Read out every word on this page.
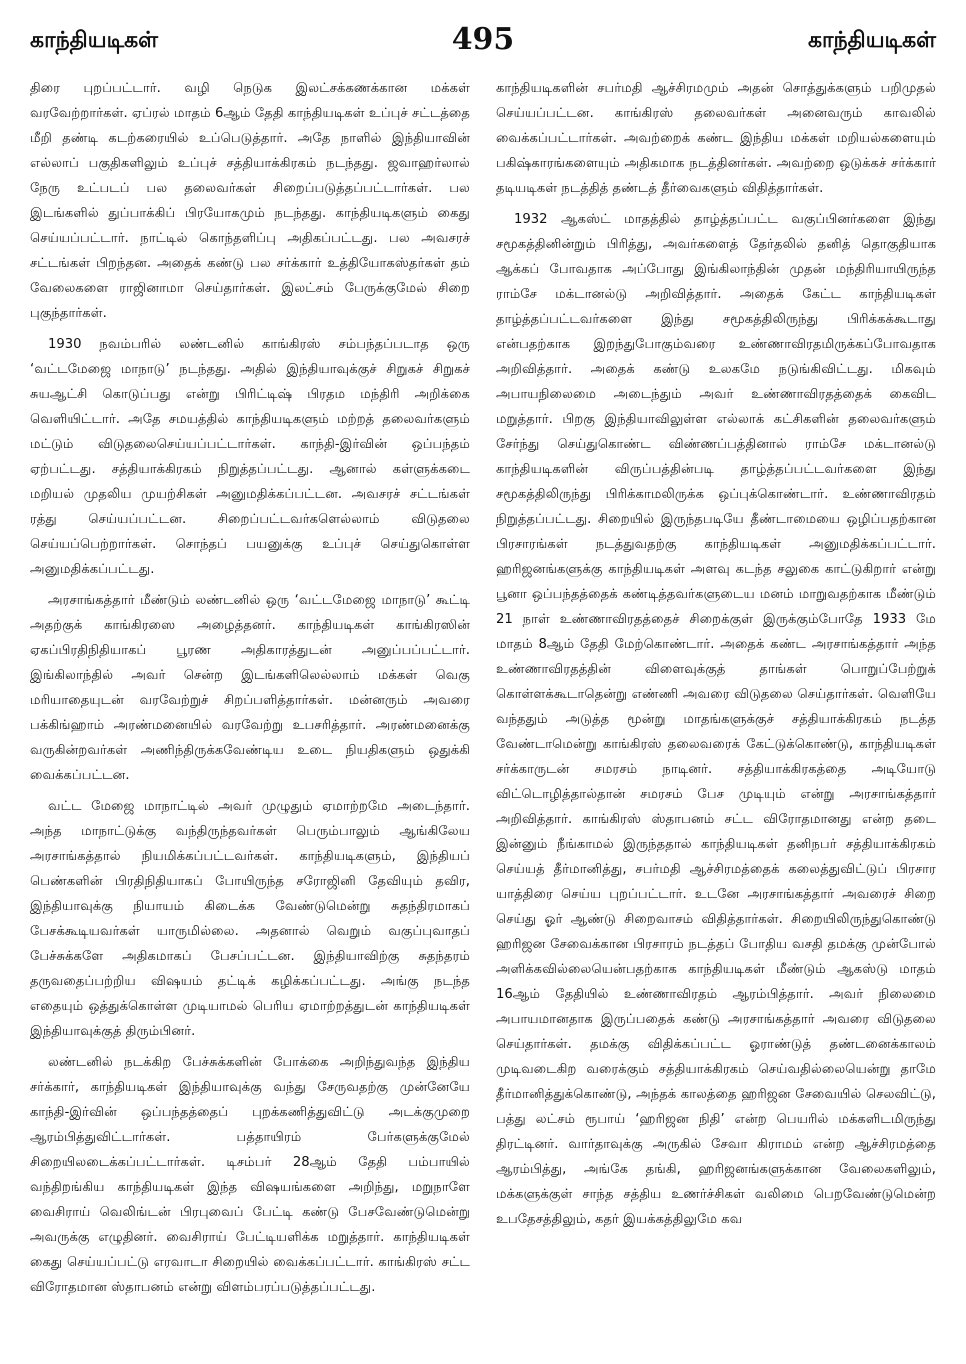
காந்தியடிகள்	495	காந்தியடிகள்

திரை புறப்பட்டார். வழி நெடுக இலட்சக்கணக்கான மக்கள் வரவேற்றார்கள். ஏப்ரல் மாதம் 6ஆம் தேதி காந்தியடிகள் உப்புச் சட்டத்தை மீறி தண்டி கடற்கரையில் உப்பெடுத்தார். அதே நாளில் இந்தியாவின் எல்லாப் பகுதிகளிலும் உப்புச் சத்தியாக்கிரகம் நடந்தது. ஜவாஹர்லால் நேரு உட்படப் பல தலைவர்கள் சிறைப்படுத்தப்பட்டார்கள். பல இடங்களில் துப்பாக்கிப் பிரயோகமும் நடந்தது. காந்தியடிகளும் கைது செய்யப்பட்டார். நாட்டில் கொந்தளிப்பு அதிகப்பட்டது. பல அவசரச் சட்டங்கள் பிறந்தன. அதைக் கண்டு பல சர்க்கார் உத்தியோகஸ்தர்கள் தம் வேலைகளை ராஜினாமா செய்தார்கள். இலட்சம் பேருக்குமேல் சிறை புகுந்தார்கள்.

1930 நவம்பரில் லண்டனில் காங்கிரஸ் சம்பந்தப்படாத ஒரு ‘வட்டமேஜை மாநாடு’ நடந்தது. அதில் இந்தியாவுக்குச் சிறுகச் சிறுகச் சுயஆட்சி கொடுப்பது என்று பிரிட்டிஷ் பிரதம மந்திரி அறிக்கை வெளியிட்டார். அதே சமயத்தில் காந்தியடிகளும் மற்றத் தலைவர்களும் மட்டும் விடுதலைசெய்யப்பட்டார்கள். காந்தி-இர்வின் ஒப்பந்தம் ஏற்பட்டது. சத்தியாக்கிரகம் நிறுத்தப்பட்டது. ஆனால் கள்ளுக்கடை மறியல் முதலிய முயற்சிகள் அனுமதிக்கப்பட்டன. அவசரச் சட்டங்கள் ரத்து செய்யப்பட்டன. சிறைப்பட்டவர்களெல்லாம் விடுதலை செய்யப்பெற்றார்கள். சொந்தப் பயனுக்கு உப்புச் செய்துகொள்ள அனுமதிக்கப்பட்டது.

அரசாங்கத்தார் மீண்டும் லண்டனில் ஒரு ‘வட்டமேஜை மாநாடு’ கூட்டி அதற்குக் காங்கிரஸை அழைத்தனர். காந்தியடிகள் காங்கிரஸின் ஏகப்பிரதிநிதியாகப் பூரண அதிகாரத்துடன் அனுப்பப்பட்டார். இங்கிலாந்தில் அவர் சென்ற இடங்களிலெல்லாம் மக்கள் வெகு மரியாதையுடன் வரவேற்றுச் சிறப்பளித்தார்கள். மன்னரும் அவரை பக்கிங்ஹாம் அரண்மனையில் வரவேற்று உபசரித்தார். அரண்மனைக்கு வருகின்றவர்கள் அணிந்திருக்கவேண்டிய உடை நியதிகளும் ஒதுக்கி வைக்கப்பட்டன.

வட்ட மேஜை மாநாட்டில் அவர் முழுதும் ஏமாற்றமே அடைந்தார். அந்த மாநாட்டுக்கு வந்திருந்தவர்கள் பெரும்பாலும் ஆங்கிலேய அரசாங்கத்தால் நியமிக்கப்பட்டவர்கள். காந்தியடிகளும், இந்தியப் பெண்களின் பிரதிநிதியாகப் போயிருந்த சரோஜினி தேவியும் தவிர, இந்தியாவுக்கு நியாயம் கிடைக்க வேண்டுமென்று சுதந்திரமாகப் பேசக்கூடியவர்கள் யாருமில்லை. அதனால் வெறும் வகுப்புவாதப் பேச்சுக்களே அதிகமாகப் பேசப்பட்டன. இந்தியாவிற்கு சுதந்தரம் தருவதைப்பற்றிய விஷயம் தட்டிக் கழிக்கப்பட்டது. அங்கு நடந்த எதையும் ஒத்துக்கொள்ள முடியாமல் பெரிய ஏமாற்றத்துடன் காந்தியடிகள் இந்தியாவுக்குத் திரும்பினர்.

லண்டனில் நடக்கிற பேச்சுக்களின் போக்கை அறிந்துவந்த இந்திய சர்க்கார், காந்தியடிகள் இந்தியாவுக்கு வந்து சேருவதற்கு முன்னேயே காந்தி-இர்வின் ஒப்பந்தத்தைப் புறக்கணித்துவிட்டு அடக்குமுறை ஆரம்பித்துவிட்டார்கள். பத்தாயிரம் பேர்களுக்குமேல் சிறையிலடைக்கப்பட்டார்கள். டிசம்பர் 28ஆம் தேதி பம்பாயில் வந்திறங்கிய காந்தியடிகள் இந்த விஷயங்களை அறிந்து, மறுநாளே வைசிராய் வெலிங்டன் பிரபுவைப் பேட்டி கண்டு பேசவேண்டுமென்று அவருக்கு எழுதினர். வைசிராய் பேட்டியளிக்க மறுத்தார். காந்தியடிகள் கைது செய்யப்பட்டு எரவாடா சிறையில் வைக்கப்பட்டார். காங்கிரஸ் சட்ட விரோதமான ஸ்தாபனம் என்று விளம்பரப்படுத்தப்பட்டது.

காந்தியடிகளின் சபர்மதி ஆச்சிரமமும் அதன் சொத்துக்களும் பறிமுதல் செய்யப்பட்டன. காங்கிரஸ் தலைவர்கள் அனைவரும் காவலில் வைக்கப்பட்டார்கள். அவற்றைக் கண்ட இந்திய மக்கள் மறியல்களையும் பகிஷ்காரங்களையும் அதிகமாக நடத்தினர்கள். அவற்றை ஒடுக்கச் சர்க்கார் தடியடிகள் நடத்தித் தண்டத் தீர்வைகளும் விதித்தார்கள்.

1932 ஆகஸ்ட் மாதத்தில் தாழ்த்தப்பட்ட வகுப்பினர்களை இந்து சமூகத்தினின்றும் பிரித்து, அவர்களைத் தேர்தலில் தனித் தொகுதியாக ஆக்கப் போவதாக அப்போது இங்கிலாந்தின் முதன் மந்திரியாயிருந்த ராம்சே மக்டானல்டு அறிவித்தார். அதைக் கேட்ட காந்தியடிகள் தாழ்த்தப்பட்டவர்களை இந்து சமூகத்திலிருந்து பிரிக்கக்கூடாது என்பதற்காக இறந்துபோகும்வரை உண்ணாவிரதமிருக்கப்போவதாக அறிவித்தார். அதைக் கண்டு உலகமே நடுங்கிவிட்டது. மிகவும் அபாயநிலைமை அடைந்தும் அவர் உண்ணாவிரதத்தைக் கைவிட மறுத்தார். பிறகு இந்தியாவிலுள்ள எல்லாக் கட்சிகளின் தலைவர்களும் சேர்ந்து செய்துகொண்ட விண்ணப்பத்தினால் ராம்சே மக்டானல்டு காந்தியடிகளின் விருப்பத்தின்படி தாழ்த்தப்பட்டவர்களை இந்து சமூகத்திலிருந்து பிரிக்காமலிருக்க ஒப்புக்கொண்டார். உண்ணாவிரதம் நிறுத்தப்பட்டது. சிறையில் இருந்தபடியே தீண்டாமையை ஒழிப்பதற்கான பிரசாரங்கள் நடத்துவதற்கு காந்தியடிகள் அனுமதிக்கப்பட்டார். ஹரிஜனங்களுக்கு காந்தியடிகள் அளவு கடந்த சலுகை காட்டுகிறார் என்று பூனா ஒப்பந்தத்தைக் கண்டித்தவர்களுடைய மனம் மாறுவதற்காக மீண்டும் 21 நாள் உண்ணாவிரதத்தைச் சிறைக்குள் இருக்கும்போதே 1933 மே மாதம் 8ஆம் தேதி மேற்கொண்டார். அதைக் கண்ட அரசாங்கத்தார் அந்த உண்ணாவிரதத்தின் விளைவுக்குத் தாங்கள் பொறுப்பேற்றுக் கொள்ளக்கூடாதென்று எண்ணி அவரை விடுதலை செய்தார்கள். வெளியே வந்ததும் அடுத்த மூன்று மாதங்களுக்குச் சத்தியாக்கிரகம் நடத்த வேண்டாமென்று காங்கிரஸ் தலைவரைக் கேட்டுக்கொண்டு, காந்தியடிகள் சர்க்காருடன் சமரசம் நாடினர். சத்தியாக்கிரகத்தை அடியோடு விட்டொழித்தால்தான் சமரசம் பேச முடியும் என்று அரசாங்கத்தார் அறிவித்தார். காங்கிரஸ் ஸ்தாபனம் சட்ட விரோதமானது என்ற தடை இன்னும் நீங்காமல் இருந்ததால் காந்தியடிகள் தனிநபர் சத்தியாக்கிரகம் செய்யத் தீர்மானித்து, சபர்மதி ஆச்சிரமத்தைக் கலைத்துவிட்டுப் பிரசார யாத்திரை செய்ய புறப்பட்டார். உடனே அரசாங்கத்தார் அவரைச் சிறை செய்து ஓர் ஆண்டு சிறைவாசம் விதித்தார்கள். சிறையிலிருந்துகொண்டு ஹரிஜன சேவைக்கான பிரசாரம் நடத்தப் போதிய வசதி தமக்கு முன்போல் அளிக்கவில்லையென்பதற்காக காந்தியடிகள் மீண்டும் ஆகஸ்டு மாதம் 16ஆம் தேதியில் உண்ணாவிரதம் ஆரம்பித்தார். அவர் நிலைமை அபாயமானதாக இருப்பதைக் கண்டு அரசாங்கத்தார் அவரை விடுதலை செய்தார்கள். தமக்கு விதிக்கப்பட்ட ஓராண்டுத் தண்டனைக்காலம் முடிவடைகிற வரைக்கும் சத்தியாக்கிரகம் செய்வதில்லையென்று தாமே தீர்மானித்துக்கொண்டு, அந்தக் காலத்தை ஹரிஜன சேவையில் செலவிட்டு, பத்து லட்சம் ரூபாய் ‘ஹரிஜன நிதி’ என்ற பெயரில் மக்களிடமிருந்து திரட்டினர். வார்தாவுக்கு அருகில் சேவா கிராமம் என்ற ஆச்சிரமத்தை ஆரம்பித்து, அங்கே தங்கி, ஹரிஜனங்களுக்கான வேலைகளிலும், மக்களுக்குள் சாந்த சத்திய உணர்ச்சிகள் வலிமை பெறவேண்டுமென்ற உபதேசத்திலும், கதர் இயக்கத்திலுமே கவ
